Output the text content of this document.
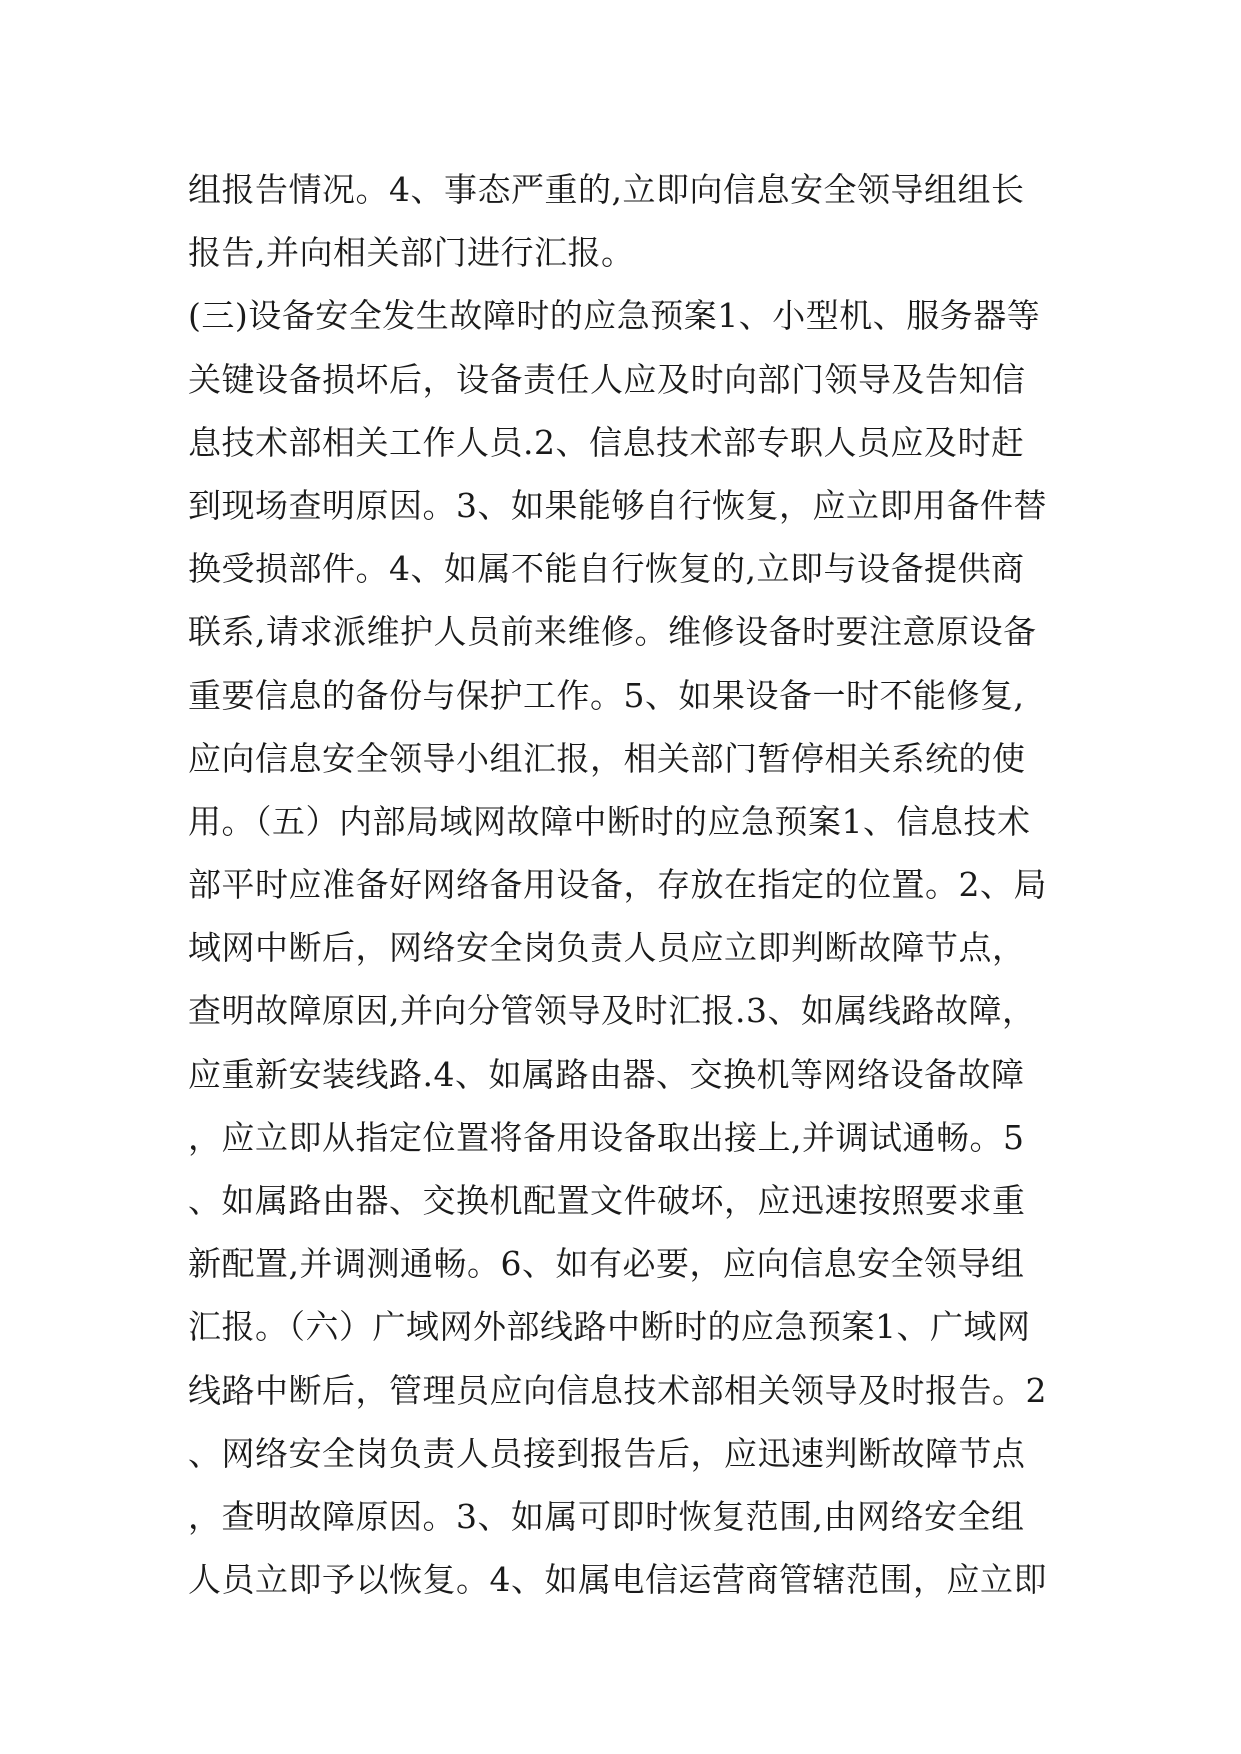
组报告情况。4、事态严重的,立即向信息安全领导组组长
报告,并向相关部门进行汇报。
(三)设备安全发生故障时的应急预案1、小型机、服务器等
关键设备损坏后，设备责任人应及时向部门领导及告知信
息技术部相关工作人员.2、信息技术部专职人员应及时赶
到现场查明原因。3、如果能够自行恢复，应立即用备件替
换受损部件。4、如属不能自行恢复的,立即与设备提供商
联系,请求派维护人员前来维修。维修设备时要注意原设备
重要信息的备份与保护工作。5、如果设备一时不能修复,
应向信息安全领导小组汇报，相关部门暂停相关系统的使
用。（五）内部局域网故障中断时的应急预案1、信息技术
部平时应准备好网络备用设备，存放在指定的位置。2、局
域网中断后，网络安全岗负责人员应立即判断故障节点，
查明故障原因,并向分管领导及时汇报.3、如属线路故障，
应重新安装线路.4、如属路由器、交换机等网络设备故障
，应立即从指定位置将备用设备取出接上,并调试通畅。5
、如属路由器、交换机配置文件破坏，应迅速按照要求重
新配置,并调测通畅。6、如有必要，应向信息安全领导组
汇报。（六）广域网外部线路中断时的应急预案1、广域网
线路中断后，管理员应向信息技术部相关领导及时报告。2
、网络安全岗负责人员接到报告后，应迅速判断故障节点
，查明故障原因。3、如属可即时恢复范围,由网络安全组
人员立即予以恢复。4、如属电信运营商管辖范围，应立即
